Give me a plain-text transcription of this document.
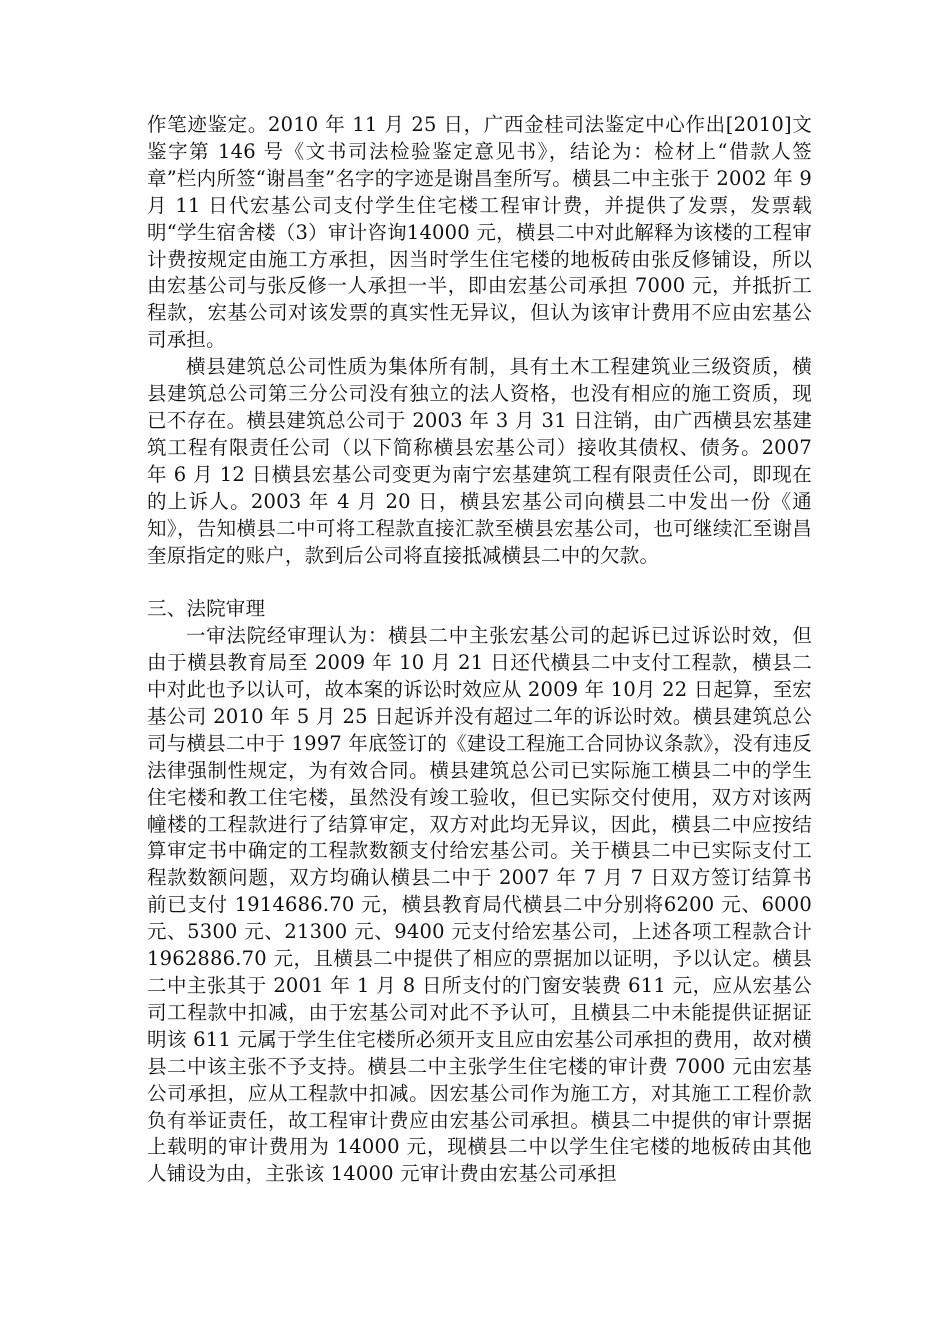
作笔迹鉴定。2010 年 11 月 25 日，广西金桂司法鉴定中心作出[2010]文鉴字第 146 号《文书司法检验鉴定意见书》，结论为：检材上“借款人签章”栏内所签“谢昌奎”名字的字迹是谢昌奎所写。横县二中主张于 2002 年 9 月 11 日代宏基公司支付学生住宅楼工程审计费，并提供了发票，发票载明“学生宿舍楼（3）审计咨询14000 元，横县二中对此解释为该楼的工程审计费按规定由施工方承担，因当时学生住宅楼的地板砖由张反修铺设，所以由宏基公司与张反修一人承担一半，即由宏基公司承担 7000 元，并抵折工程款，宏基公司对该发票的真实性无异议，但认为该审计费用不应由宏基公司承担。

横县建筑总公司性质为集体所有制，具有土木工程建筑业三级资质，横县建筑总公司第三分公司没有独立的法人资格，也没有相应的施工资质，现已不存在。横县建筑总公司于 2003 年 3 月 31 日注销，由广西横县宏基建筑工程有限责任公司（以下简称横县宏基公司）接收其债权、债务。2007 年 6 月 12 日横县宏基公司变更为南宁宏基建筑工程有限责任公司，即现在的上诉人。2003 年 4 月 20 日，横县宏基公司向横县二中发出一份《通知》，告知横县二中可将工程款直接汇款至横县宏基公司，也可继续汇至谢昌奎原指定的账户，款到后公司将直接抵减横县二中的欠款。

三、法院审理

一审法院经审理认为：横县二中主张宏基公司的起诉已过诉讼时效，但由于横县教育局至 2009 年 10 月 21 日还代横县二中支付工程款，横县二中对此也予以认可，故本案的诉讼时效应从 2009 年 10月 22 日起算，至宏基公司 2010 年 5 月 25 日起诉并没有超过二年的诉讼时效。横县建筑总公司与横县二中于 1997 年底签订的《建设工程施工合同协议条款》，没有违反法律强制性规定，为有效合同。横县建筑总公司已实际施工横县二中的学生住宅楼和教工住宅楼，虽然没有竣工验收，但已实际交付使用，双方对该两幢楼的工程款进行了结算审定，双方对此均无异议，因此，横县二中应按结算审定书中确定的工程款数额支付给宏基公司。关于横县二中已实际支付工程款数额问题，双方均确认横县二中于 2007 年 7 月 7 日双方签订结算书前已支付 1914686.70 元，横县教育局代横县二中分别将6200 元、6000 元、5300 元、21300 元、9400 元支付给宏基公司，上述各项工程款合计 1962886.70 元，且横县二中提供了相应的票据加以证明，予以认定。横县二中主张其于 2001 年 1 月 8 日所支付的门窗安装费 611 元，应从宏基公司工程款中扣减，由于宏基公司对此不予认可，且横县二中未能提供证据证明该 611 元属于学生住宅楼所必须开支且应由宏基公司承担的费用，故对横县二中该主张不予支持。横县二中主张学生住宅楼的审计费 7000 元由宏基公司承担，应从工程款中扣减。因宏基公司作为施工方，对其施工工程价款负有举证责任，故工程审计费应由宏基公司承担。横县二中提供的审计票据上载明的审计费用为 14000 元，现横县二中以学生住宅楼的地板砖由其他人铺设为由，主张该 14000 元审计费由宏基公司承担
